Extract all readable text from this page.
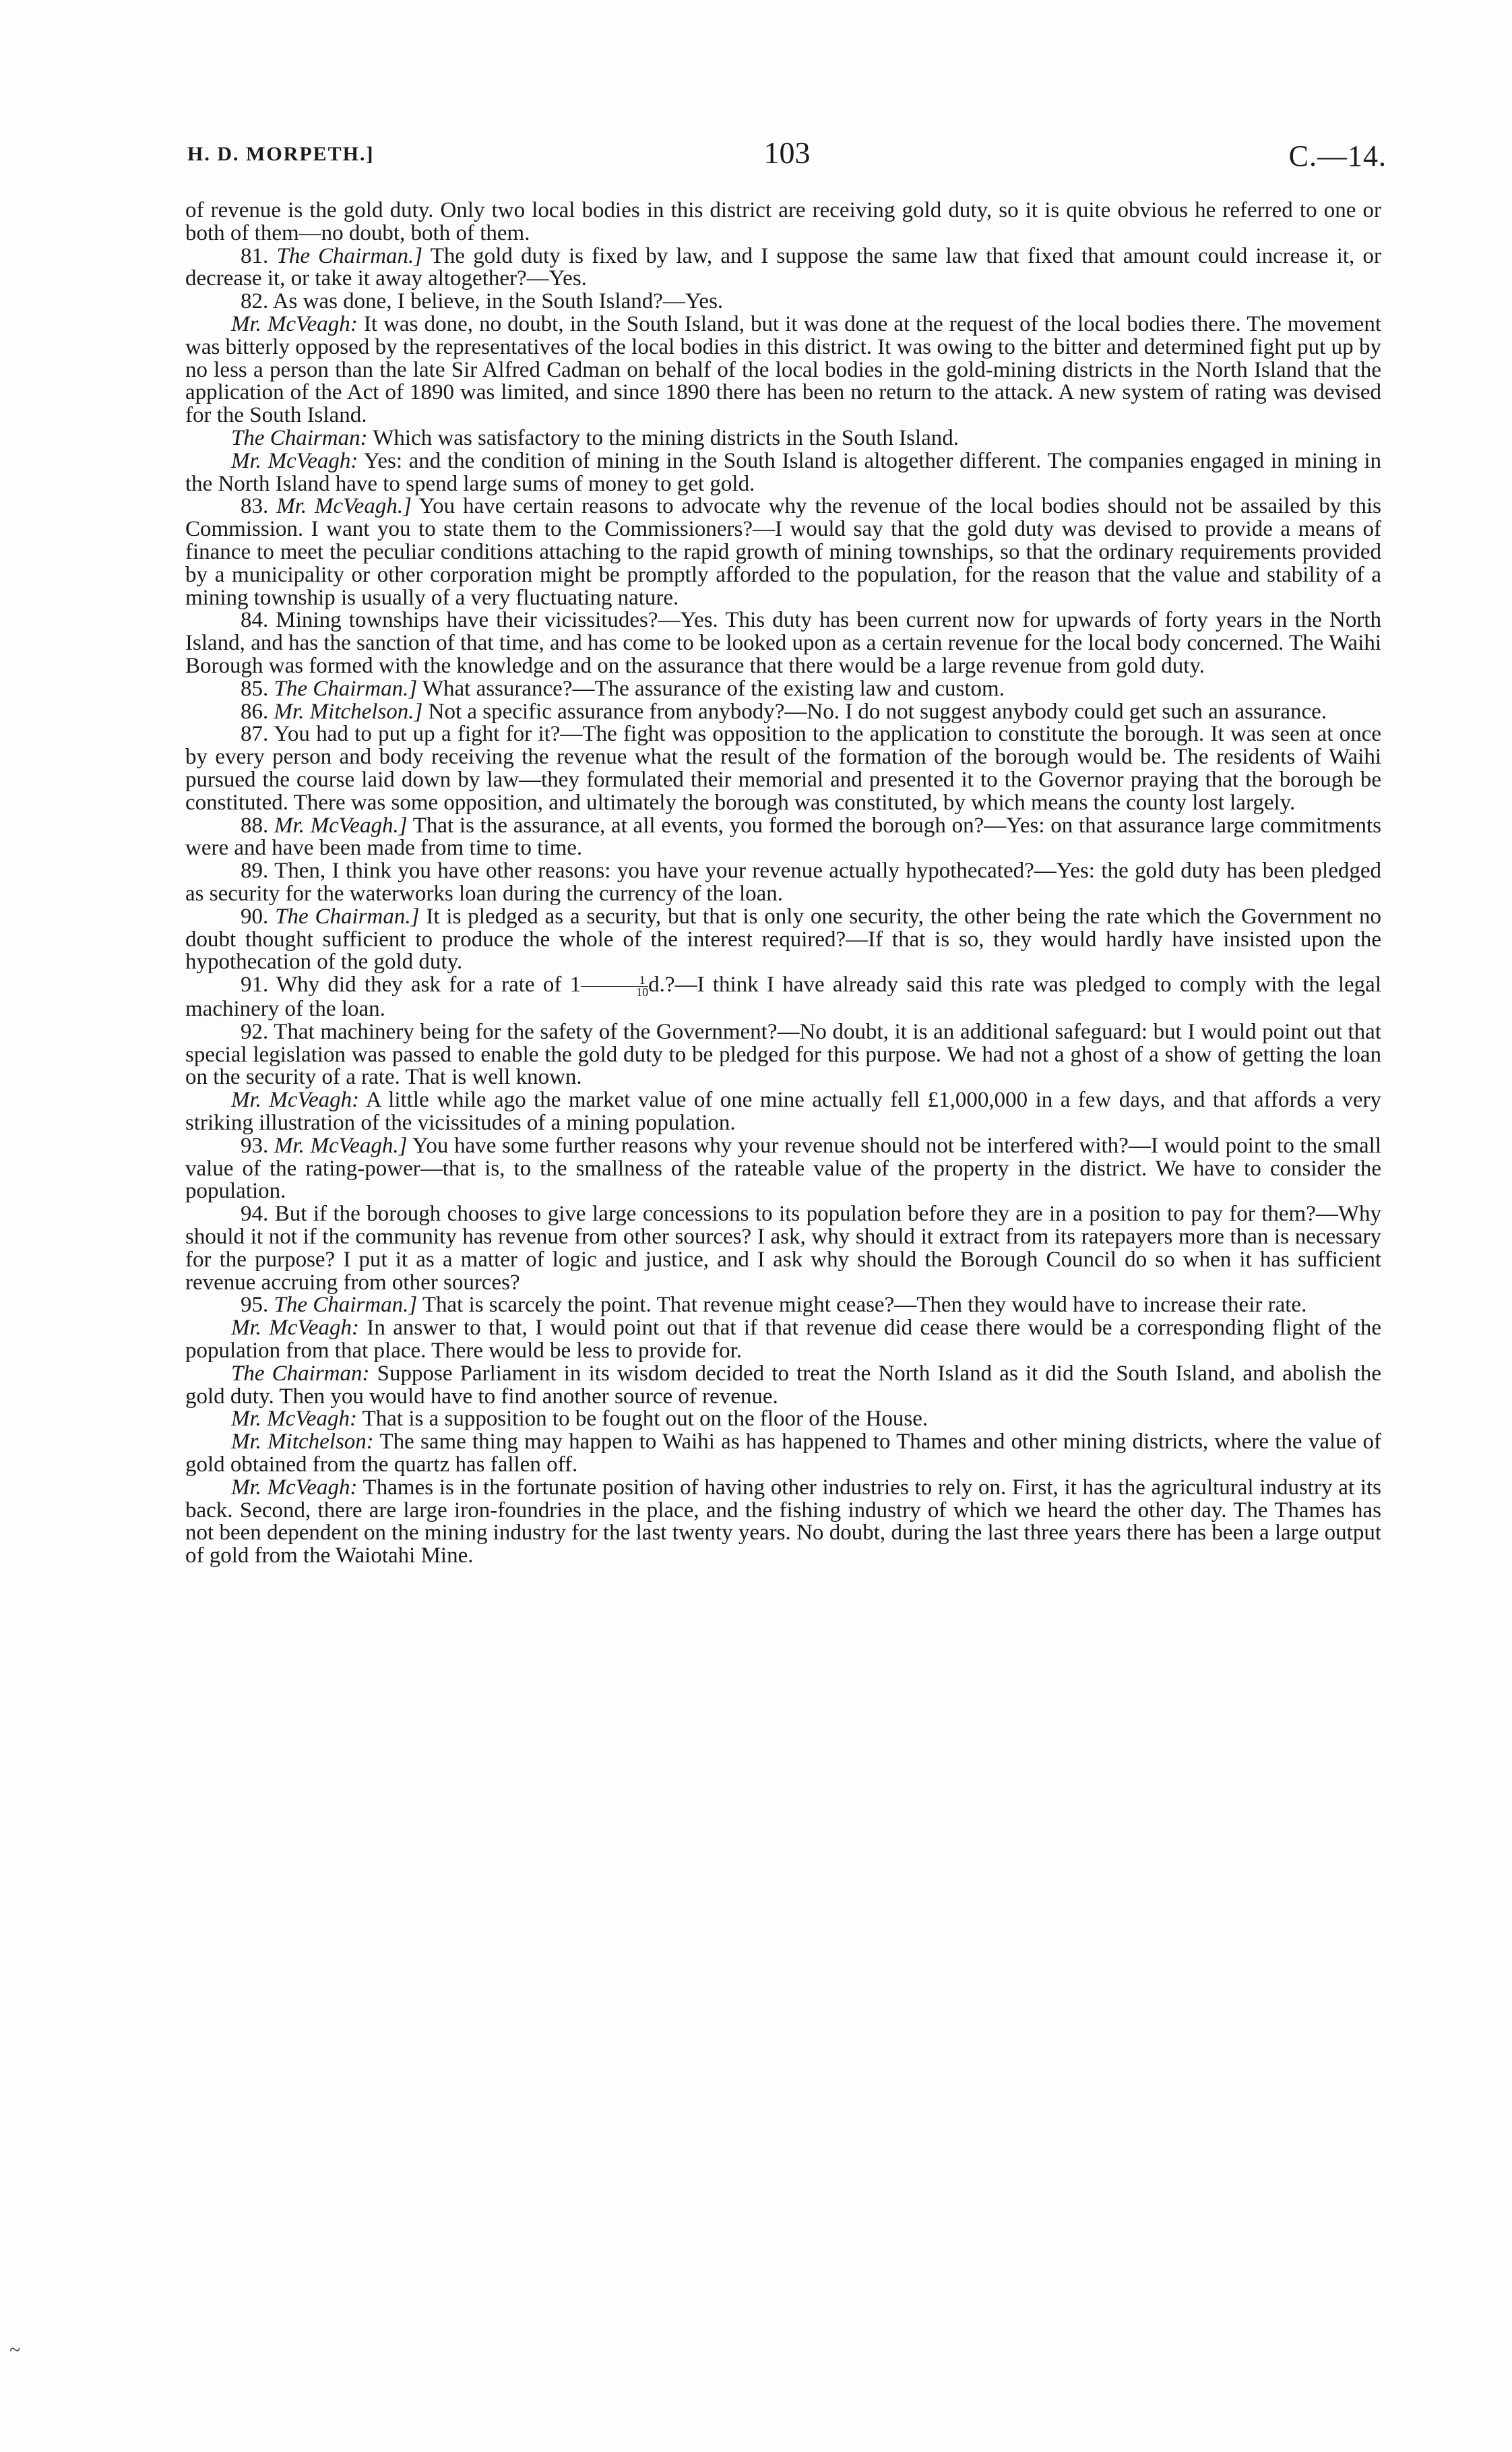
H. D. MORPETH.]	103	C.—14.

of revenue is the gold duty. Only two local bodies in this district are receiving gold duty, so it is quite obvious he referred to one or both of them—no doubt, both of them.

81. The Chairman.] The gold duty is fixed by law, and I suppose the same law that fixed that amount could increase it, or decrease it, or take it away altogether?—Yes.

82. As was done, I believe, in the South Island?—Yes.

Mr. McVeagh: It was done, no doubt, in the South Island, but it was done at the request of the local bodies there. The movement was bitterly opposed by the representatives of the local bodies in this district. It was owing to the bitter and determined fight put up by no less a person than the late Sir Alfred Cadman on behalf of the local bodies in the gold-mining districts in the North Island that the application of the Act of 1890 was limited, and since 1890 there has been no return to the attack. A new system of rating was devised for the South Island.

The Chairman: Which was satisfactory to the mining districts in the South Island.

Mr. McVeagh: Yes: and the condition of mining in the South Island is altogether different. The companies engaged in mining in the North Island have to spend large sums of money to get gold.

83. Mr. McVeagh.] You have certain reasons to advocate why the revenue of the local bodies should not be assailed by this Commission. I want you to state them to the Commissioners?—I would say that the gold duty was devised to provide a means of finance to meet the peculiar conditions attaching to the rapid growth of mining townships, so that the ordinary requirements provided by a municipality or other corporation might be promptly afforded to the population, for the reason that the value and stability of a mining township is usually of a very fluctuating nature.

84. Mining townships have their vicissitudes?—Yes. This duty has been current now for upwards of forty years in the North Island, and has the sanction of that time, and has come to be looked upon as a certain revenue for the local body concerned. The Waihi Borough was formed with the knowledge and on the assurance that there would be a large revenue from gold duty.

85. The Chairman.] What assurance?—The assurance of the existing law and custom.

86. Mr. Mitchelson.] Not a specific assurance from anybody?—No. I do not suggest anybody could get such an assurance.

87. You had to put up a fight for it?—The fight was opposition to the application to constitute the borough. It was seen at once by every person and body receiving the revenue what the result of the formation of the borough would be. The residents of Waihi pursued the course laid down by law—they formulated their memorial and presented it to the Governor praying that the borough be constituted. There was some opposition, and ultimately the borough was constituted, by which means the county lost largely.

88. Mr. McVeagh.] That is the assurance, at all events, you formed the borough on?—Yes: on that assurance large commitments were and have been made from time to time.

89. Then, I think you have other reasons: you have your revenue actually hypothecated?—Yes: the gold duty has been pledged as security for the waterworks loan during the currency of the loan.

90. The Chairman.] It is pledged as a security, but that is only one security, the other being the rate which the Government no doubt thought sufficient to produce the whole of the interest required?—If that is so, they would hardly have insisted upon the hypothecation of the gold duty.

91. Why did they ask for a rate of $1 \frac{1}{10}$ d.?—I think I have already said this rate was pledged to comply with the legal machinery of the loan.

92. That machinery being for the safety of the Government?—No doubt, it is an additional safeguard: but I would point out that special legislation was passed to enable the gold duty to be pledged for this purpose. We had not a ghost of a show of getting the loan on the security of a rate. That is well known.

Mr. McVeagh: A little while ago the market value of one mine actually fell £1,000,000 in a few days, and that affords a very striking illustration of the vicissitudes of a mining population.

93. Mr. McVeagh.] You have some further reasons why your revenue should not be interfered with?—I would point to the small value of the rating-power—that is, to the smallness of the rateable value of the property in the district. We have to consider the population.

94. But if the borough chooses to give large concessions to its population before they are in a position to pay for them?—Why should it not if the community has revenue from other sources? I ask, why should it extract from its ratepayers more than is necessary for the purpose? I put it as a matter of logic and justice, and I ask why should the Borough Council do so when it has sufficient revenue accruing from other sources?

95. The Chairman.] That is scarcely the point. That revenue might cease?—Then they would have to increase their rate.

Mr. McVeagh: In answer to that, I would point out that if that revenue did cease there would be a corresponding flight of the population from that place. There would be less to provide for.

The Chairman: Suppose Parliament in its wisdom decided to treat the North Island as it did the South Island, and abolish the gold duty. Then you would have to find another source of revenue.

Mr. McVeagh: That is a supposition to be fought out on the floor of the House.

Mr. Mitchelson: The same thing may happen to Waihi as has happened to Thames and other mining districts, where the value of gold obtained from the quartz has fallen off.

Mr. McVeagh: Thames is in the fortunate position of having other industries to rely on. First, it has the agricultural industry at its back. Second, there are large iron-foundries in the place, and the fishing industry of which we heard the other day. The Thames has not been dependent on the mining industry for the last twenty years. No doubt, during the last three years there has been a large output of gold from the Waiotahi Mine.

~
